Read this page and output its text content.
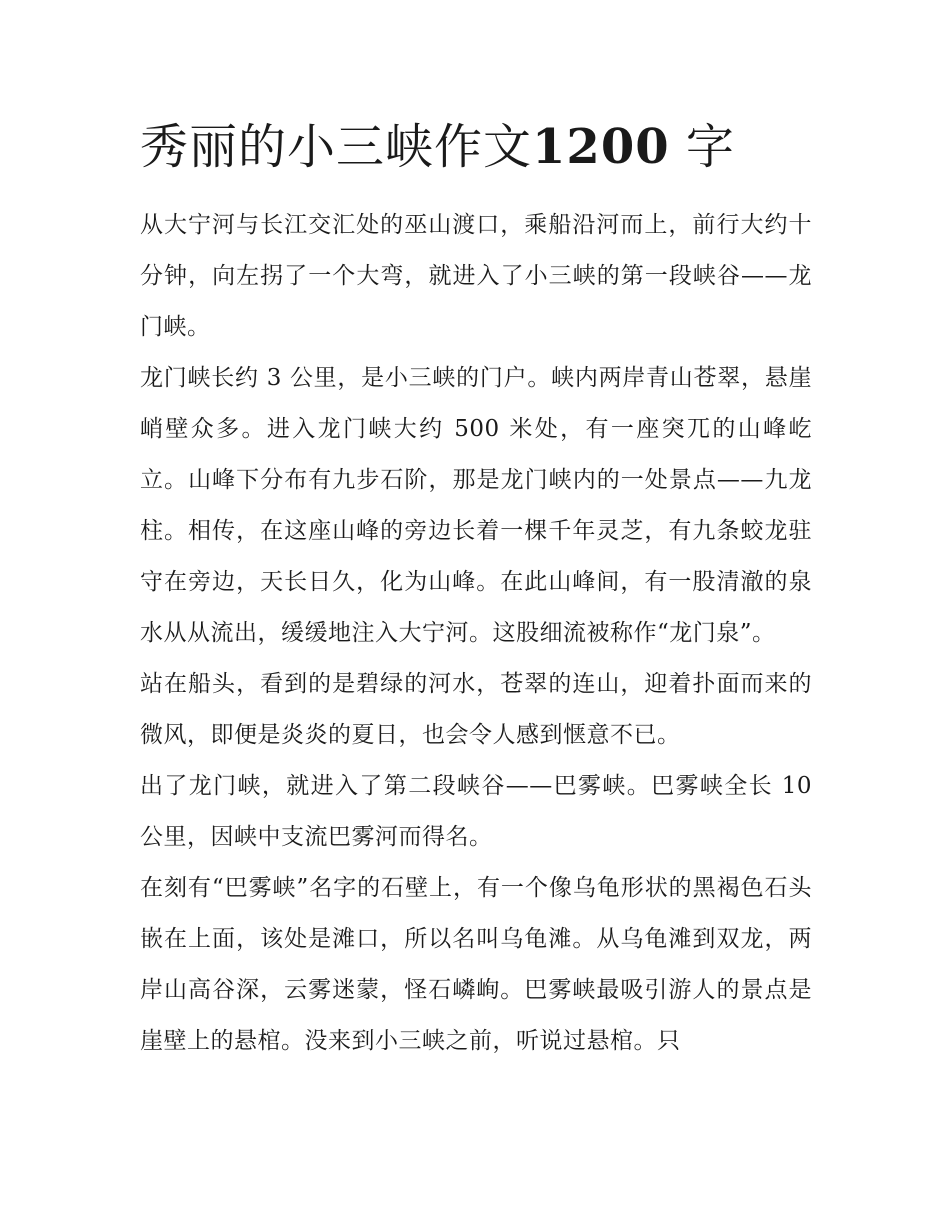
秀丽的小三峡作文1200 字

从大宁河与长江交汇处的巫山渡口，乘船沿河而上，前行大约十分钟，向左拐了一个大弯，就进入了小三峡的第一段峡谷——龙门峡。

龙门峡长约 3 公里，是小三峡的门户。峡内两岸青山苍翠，悬崖峭壁众多。进入龙门峡大约 500 米处，有一座突兀的山峰屹立。山峰下分布有九步石阶，那是龙门峡内的一处景点——九龙柱。相传，在这座山峰的旁边长着一棵千年灵芝，有九条蛟龙驻守在旁边，天长日久，化为山峰。在此山峰间，有一股清澈的泉水从从流出，缓缓地注入大宁河。这股细流被称作“龙门泉”。

站在船头，看到的是碧绿的河水，苍翠的连山，迎着扑面而来的微风，即便是炎炎的夏日，也会令人感到惬意不已。

出了龙门峡，就进入了第二段峡谷——巴雾峡。巴雾峡全长 10 公里，因峡中支流巴雾河而得名。

在刻有“巴雾峡”名字的石壁上，有一个像乌龟形状的黑褐色石头嵌在上面，该处是滩口，所以名叫乌龟滩。从乌龟滩到双龙，两岸山高谷深，云雾迷蒙，怪石嶙峋。巴雾峡最吸引游人的景点是崖壁上的悬棺。没来到小三峡之前，听说过悬棺。只
